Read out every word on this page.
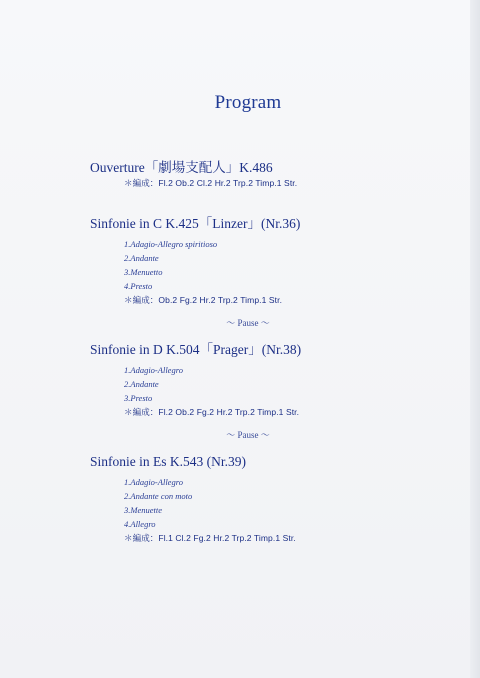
Program
Ouverture「劇場支配人」K.486
＊編成：Fl.2 Ob.2 Cl.2 Hr.2 Trp.2 Timp.1 Str.
Sinfonie in C K.425「Linzer」(Nr.36)
1.Adagio-Allegro spiritioso
2.Andante
3.Menuetto
4.Presto
＊編成：Ob.2 Fg.2 Hr.2 Trp.2 Timp.1 Str.
～ Pause ～
Sinfonie in D K.504「Prager」(Nr.38)
1.Adagio-Allegro
2.Andante
3.Presto
＊編成：Fl.2 Ob.2 Fg.2 Hr.2 Trp.2 Timp.1 Str.
～ Pause ～
Sinfonie in Es K.543 (Nr.39)
1.Adagio-Allegro
2.Andante con moto
3.Menuette
4.Allegro
＊編成：Fl.1 Cl.2 Fg.2 Hr.2 Trp.2 Timp.1 Str.
